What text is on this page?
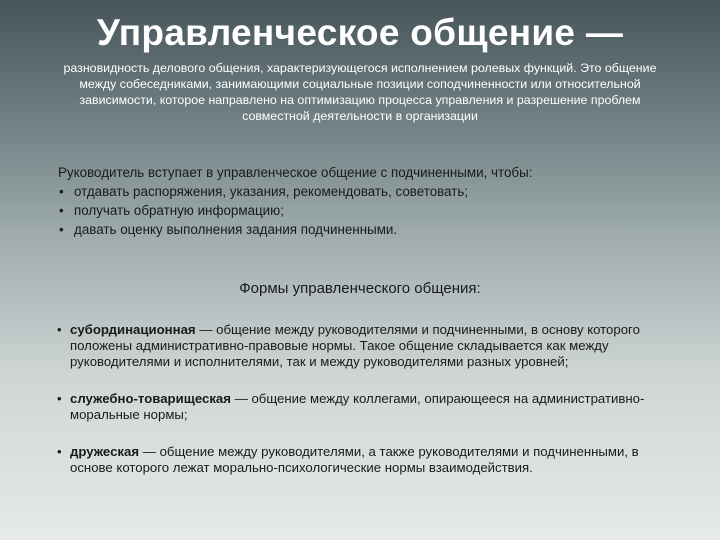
Управленческое общение —
разновидность делового общения, характеризующегося исполнением ролевых функций. Это общение между собеседниками, занимающими социальные позиции соподчиненности или относительной зависимости, которое направлено на оптимизацию процесса управления и разрешение проблем совместной деятельности в организации
Руководитель вступает в управленческое общение с подчиненными, чтобы:
• отдавать распоряжения, указания, рекомендовать, советовать;
• получать обратную информацию;
• давать оценку выполнения задания подчиненными.
Формы управленческого общения:
• субординационная — общение между руководителями и подчиненными, в основу которого положены административно-правовые нормы. Такое общение складывается как между руководителями и исполнителями, так и между руководителями разных уровней;
• служебно-товарищеская — общение между коллегами, опирающееся на административно-моральные нормы;
• дружеская — общение между руководителями, а также руководителями и подчиненными, в основе которого лежат морально-психологические нормы взаимодействия.
